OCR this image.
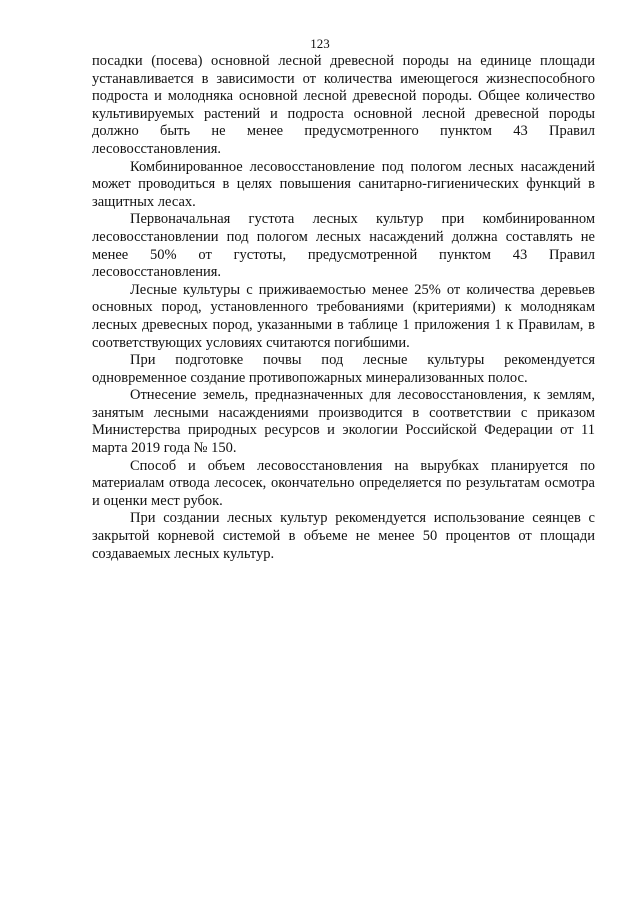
123

посадки (посева) основной лесной древесной породы на единице площади устанавливается в зависимости от количества имеющегося жизнеспособного подроста и молодняка основной лесной древесной породы. Общее количество культивируемых растений и подроста основной лесной древесной породы должно быть не менее предусмотренного пунктом 43 Правил лесовосстановления.

Комбинированное лесовосстановление под пологом лесных насаждений может проводиться в целях повышения санитарно-гигиенических функций в защитных лесах.

Первоначальная густота лесных культур при комбинированном лесовосстановлении под пологом лесных насаждений должна составлять не менее 50% от густоты, предусмотренной пунктом 43 Правил лесовосстановления.

Лесные культуры с приживаемостью менее 25% от количества деревьев основных пород, установленного требованиями (критериями) к молоднякам лесных древесных пород, указанными в таблице 1 приложения 1 к Правилам, в соответствующих условиях считаются погибшими.

При подготовке почвы под лесные культуры рекомендуется одновременное создание противопожарных минерализованных полос.

Отнесение земель, предназначенных для лесовосстановления, к землям, занятым лесными насаждениями производится в соответствии с приказом Министерства природных ресурсов и экологии Российской Федерации от 11 марта 2019 года № 150.

Способ и объем лесовосстановления на вырубках планируется по материалам отвода лесосек, окончательно определяется по результатам осмотра и оценки мест рубок.

При создании лесных культур рекомендуется использование сеянцев с закрытой корневой системой в объеме не менее 50 процентов от площади создаваемых лесных культур.
